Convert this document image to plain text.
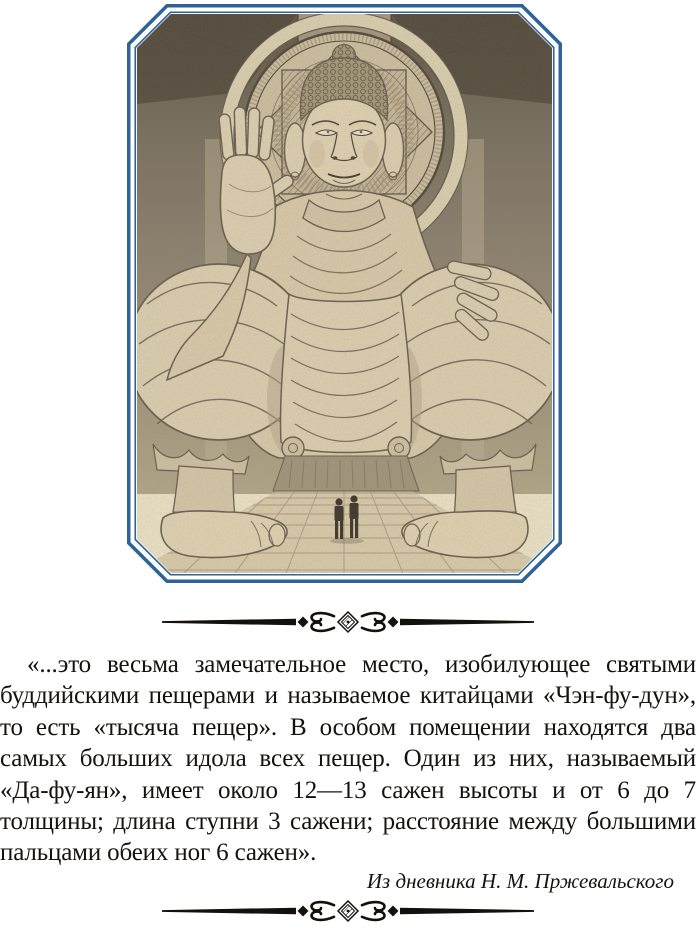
«...это весьма замечательное место, изобилующее святыми буддийскими пещерами и называемое китайцами «Чэн-фу-дун», то есть «тысяча пещер». В особом помещении находятся два самых больших идола всех пещер. Один из них, называемый «Да-фу-ян», имеет около 12—13 сажен высоты и от 6 до 7 толщины; длина ступни 3 сажени; расстояние между большими пальцами обеих ног 6 сажен».

Из дневника Н. М. Пржевальского
